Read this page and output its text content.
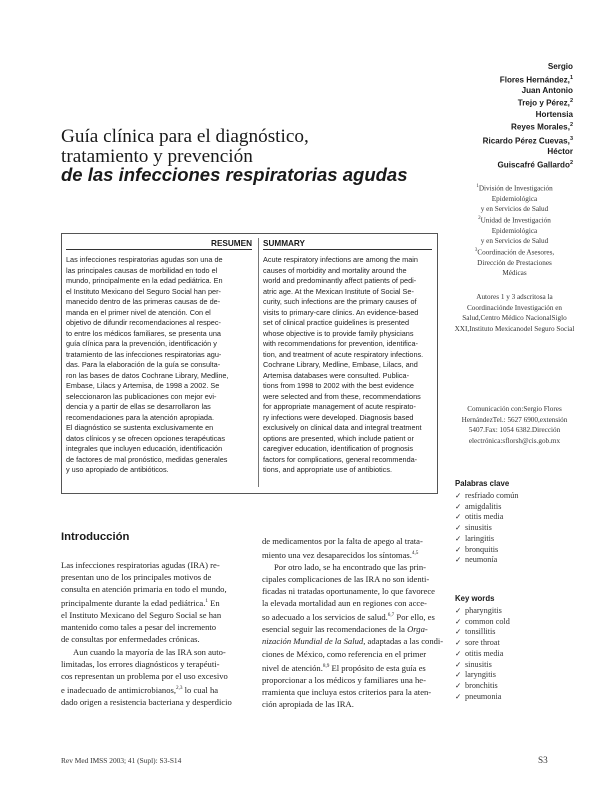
Sergio
Flores Hernández,$^1$
Juan Antonio
Trejo y Pérez,$^2$
Hortensia
Reyes Morales,$^2$
Ricardo Pérez Cuevas,$^3$
Héctor
Guiscafré Gallardo$^2$
Guía clínica para el diagnóstico,
tratamiento y prevención
de las infecciones respiratorias agudas

$^1$División de Investigación

Epidemiológica

y en Servicios de Salud

$^2$Unidad de Investigación

Epidemiológica

y en Servicios de Salud

$^3$Coordinación de Asesores,

Dirección de Prestaciones

Médicas

Autores 1 y 3 adscritosa la Coordinaciónde Investigación en Salud,Centro Médico NacionalSiglo XXI,Instituto Mexicanodel Seguro Social
Comunicación con:Sergio Flores HernándezTel.: 5627 6900,extensión 5407.Fax: 1054 6382.Dirección electrónica:sflorsh@cis.gob.mx
RESUMEN SUMMARY
Las infecciones respiratorias agudas son una de
las principales causas de morbilidad en todo el
mundo, principalmente en la edad pediátrica. En
el Instituto Mexicano del Seguro Social han per-
manecido dentro de las primeras causas de de-
manda en el primer nivel de atención. Con el
objetivo de difundir recomendaciones al respec-
to entre los médicos familiares, se presenta una
guía clínica para la prevención, identificación y
tratamiento de las infecciones respiratorias agu-
das. Para la elaboración de la guía se consulta-
ron las bases de datos Cochrane Library, Medline,
Embase, Lilacs y Artemisa, de 1998 a 2002. Se
seleccionaron las publicaciones con mejor evi-
dencia y a partir de ellas se desarrollaron las
recomendaciones para la atención apropiada.
El diagnóstico se sustenta exclusivamente en
datos clínicos y se ofrecen opciones terapéuticas
integrales que incluyen educación, identificación
de factores de mal pronóstico, medidas generales
y uso apropiado de antibióticos.
Acute respiratory infections are among the main
causes of morbidity and mortality around the
world and predominantly affect patients of pedi-
atric age. At the Mexican Institute of Social Se-
curity, such infections are the primary causes of
visits to primary-care clinics. An evidence-based
set of clinical practice guidelines is presented
whose objective is to provide family physicians
with recommendations for prevention, identifica-
tion, and treatment of acute respiratory infections.
Cochrane Library, Medline, Embase, Lilacs, and
Artemisa databases were consulted. Publica-
tions from 1998 to 2002 with the best evidence
were selected and from these, recommendations
for appropriate management of acute respirato-
ry infections were developed. Diagnosis based
exclusively on clinical data and integral treatment
options are presented, which include patient or
caregiver education, identification of prognosis
factors for complications, general recommenda-
tions, and appropriate use of antibiotics.
Palabras clave
✓ resfriado común
✓ amigdalitis
✓ otitis media
✓ sinusitis
✓ laringitis
✓ bronquitis
✓ neumonía
Key words
✓ pharyngitis
✓ common cold
✓ tonsillitis
✓ sore throat
✓ otitis media
✓ sinusitis
✓ laryngitis
✓ bronchitis
✓ pneumonia
Introducción
Las infecciones respiratorias agudas (IRA) re-
presentan uno de los principales motivos de
consulta en atención primaria en todo el mundo,
principalmente durante la edad pediátrica.$^1$ En
el Instituto Mexicano del Seguro Social se han
mantenido como tales a pesar del incremento
de consultas por enfermedades crónicas.
Aun cuando la mayoría de las IRA son auto-
limitadas, los errores diagnósticos y terapéuti-
cos representan un problema por el uso excesivo
e inadecuado de antimicrobianos,$^{2,3}$ lo cual ha
dado origen a resistencia bacteriana y desperdicio
de medicamentos por la falta de apego al trata-
miento una vez desaparecidos los síntomas.$^{4,5}$
Por otro lado, se ha encontrado que las prin-
cipales complicaciones de las IRA no son identi-
ficadas ni tratadas oportunamente, lo que favorece
la elevada mortalidad aun en regiones con acce-
so adecuado a los servicios de salud.$^{6,7}$ Por ello, es
esencial seguir las recomendaciones de la Orga-
nización Mundial de la Salud, adaptadas a las condi-
ciones de México, como referencia en el primer
nivel de atención.$^{8,9}$ El propósito de esta guía es
proporcionar a los médicos y familiares una he-
rramienta que incluya estos criterios para la aten-
ción apropiada de las IRA.
Rev Med IMSS 2003; 41 (Supl): S3-S14	S3
